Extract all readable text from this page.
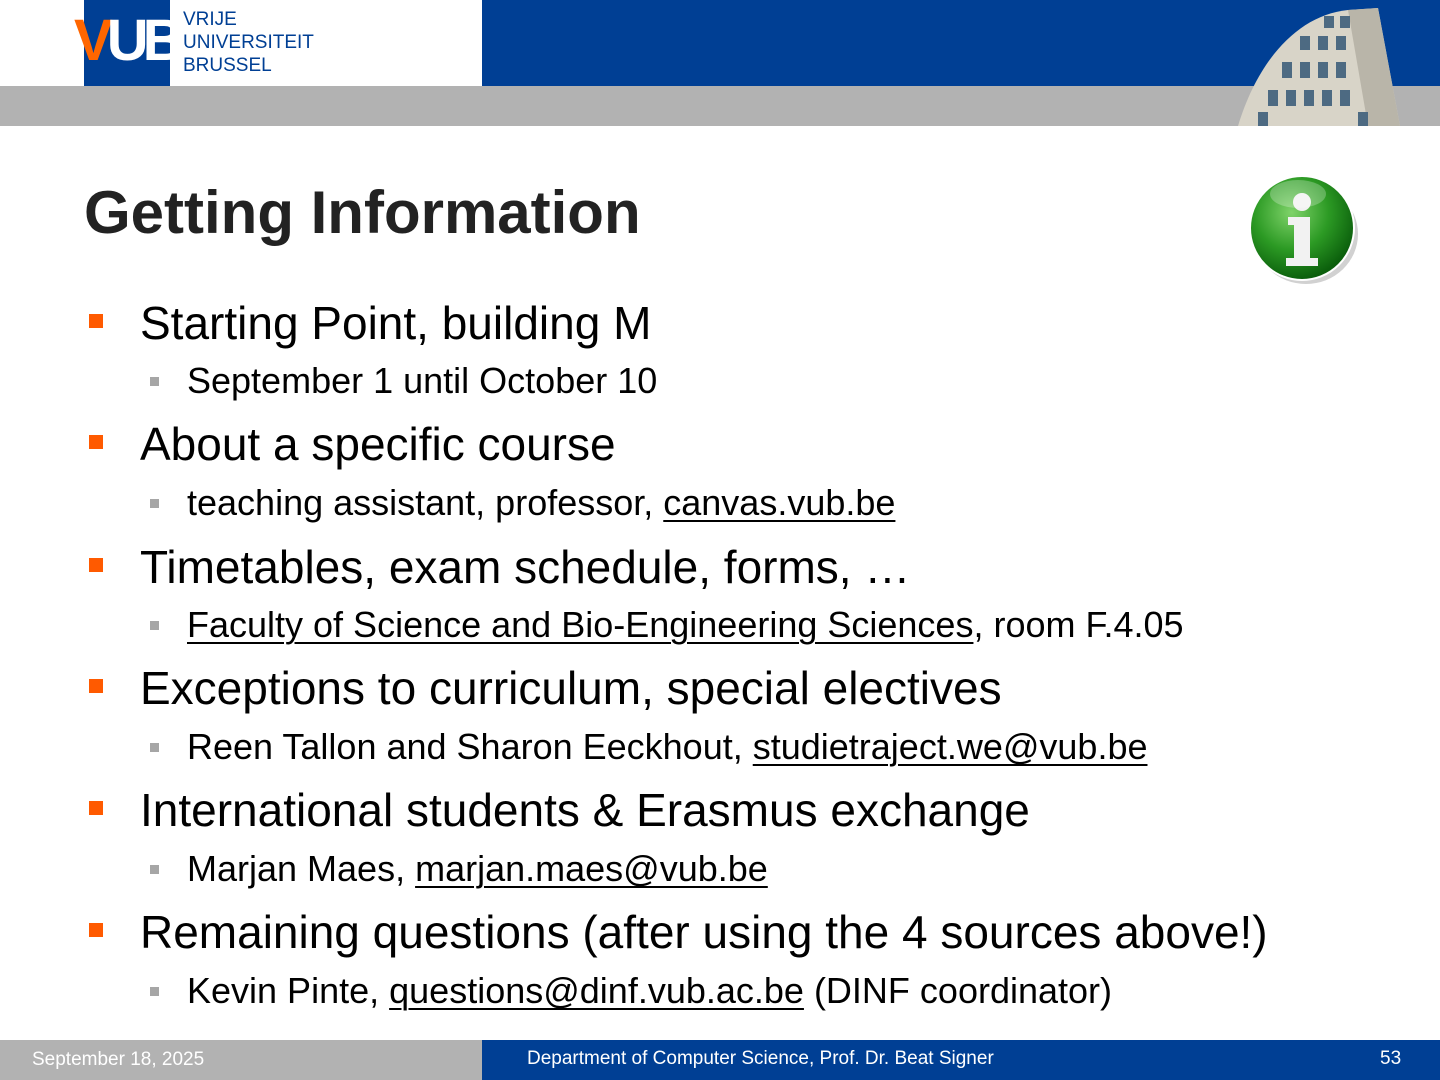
VUB VRIJE
UNIVERSITEIT
BRUSSEL
Getting Information
Starting Point, building M
September 1 until October 10
About a specific course
teaching assistant, professor, canvas.vub.be
Timetables, exam schedule, forms, …
Faculty of Science and Bio-Engineering Sciences, room F.4.05
Exceptions to curriculum, special electives
Reen Tallon and Sharon Eeckhout, studietraject.we@vub.be
International students & Erasmus exchange
Marjan Maes, marjan.maes@vub.be
Remaining questions (after using the 4 sources above!)
Kevin Pinte, questions@dinf.vub.ac.be (DINF coordinator)
September 18, 2025	Department of Computer Science, Prof. Dr. Beat Signer	53
